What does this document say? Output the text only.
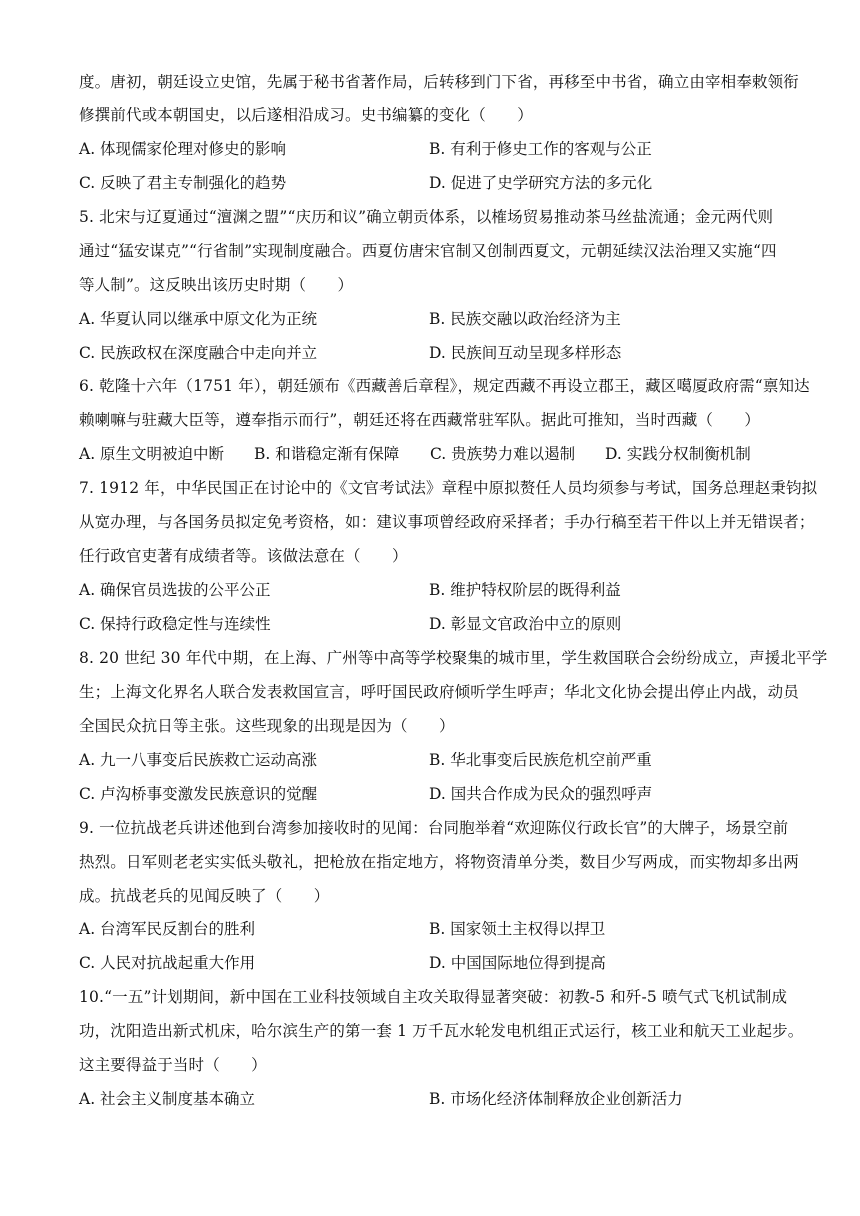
度。唐初，朝廷设立史馆，先属于秘书省著作局，后转移到门下省，再移至中书省，确立由宰相奉敕领衔
修撰前代或本朝国史，以后遂相沿成习。史书编纂的变化（　　）
A. 体现儒家伦理对修史的影响	B. 有利于修史工作的客观与公正
C. 反映了君主专制强化的趋势	D. 促进了史学研究方法的多元化
5. 北宋与辽夏通过“澶渊之盟”“庆历和议”确立朝贡体系，以榷场贸易推动茶马丝盐流通；金元两代则
通过“猛安谋克”“行省制”实现制度融合。西夏仿唐宋官制又创制西夏文，元朝延续汉法治理又实施“四
等人制”。这反映出该历史时期（　　）
A. 华夏认同以继承中原文化为正统	B. 民族交融以政治经济为主
C. 民族政权在深度融合中走向并立	D. 民族间互动呈现多样形态
6. 乾隆十六年（1751 年），朝廷颁布《西藏善后章程》，规定西藏不再设立郡王，藏区噶厦政府需“禀知达
赖喇嘛与驻藏大臣等，遵奉指示而行”，朝廷还将在西藏常驻军队。据此可推知，当时西藏（　　）
A. 原生文明被迫中断 B. 和谐稳定渐有保障 C. 贵族势力难以遏制 D. 实践分权制衡机制
7. 1912 年，中华民国正在讨论中的《文官考试法》章程中原拟赘任人员均须参与考试，国务总理赵秉钧拟
从宽办理，与各国务员拟定免考资格，如：建议事项曾经政府采择者；手办行稿至若干件以上并无错误者；
任行政官吏著有成绩者等。该做法意在（　　）
A. 确保官员选拔的公平公正	B. 维护特权阶层的既得利益
C. 保持行政稳定性与连续性	D. 彰显文官政治中立的原则
8. 20 世纪 30 年代中期，在上海、广州等中高等学校聚集的城市里，学生救国联合会纷纷成立，声援北平学
生；上海文化界名人联合发表救国宣言，呼吁国民政府倾听学生呼声；华北文化协会提出停止内战，动员
全国民众抗日等主张。这些现象的出现是因为（　　）
A. 九一八事变后民族救亡运动高涨	B. 华北事变后民族危机空前严重
C. 卢沟桥事变激发民族意识的觉醒	D. 国共合作成为民众的强烈呼声
9. 一位抗战老兵讲述他到台湾参加接收时的见闻：台同胞举着“欢迎陈仪行政长官”的大牌子，场景空前
热烈。日军则老老实实低头敬礼，把枪放在指定地方，将物资清单分类，数目少写两成，而实物却多出两
成。抗战老兵的见闻反映了（　　）
A. 台湾军民反割台的胜利	B. 国家领土主权得以捍卫
C. 人民对抗战起重大作用	D. 中国国际地位得到提高
10.“一五”计划期间，新中国在工业科技领域自主攻关取得显著突破：初教-5 和歼-5 喷气式飞机试制成
功，沈阳造出新式机床，哈尔滨生产的第一套 1 万千瓦水轮发电机组正式运行，核工业和航天工业起步。
这主要得益于当时（　　）
A. 社会主义制度基本确立	B. 市场化经济体制释放企业创新活力
